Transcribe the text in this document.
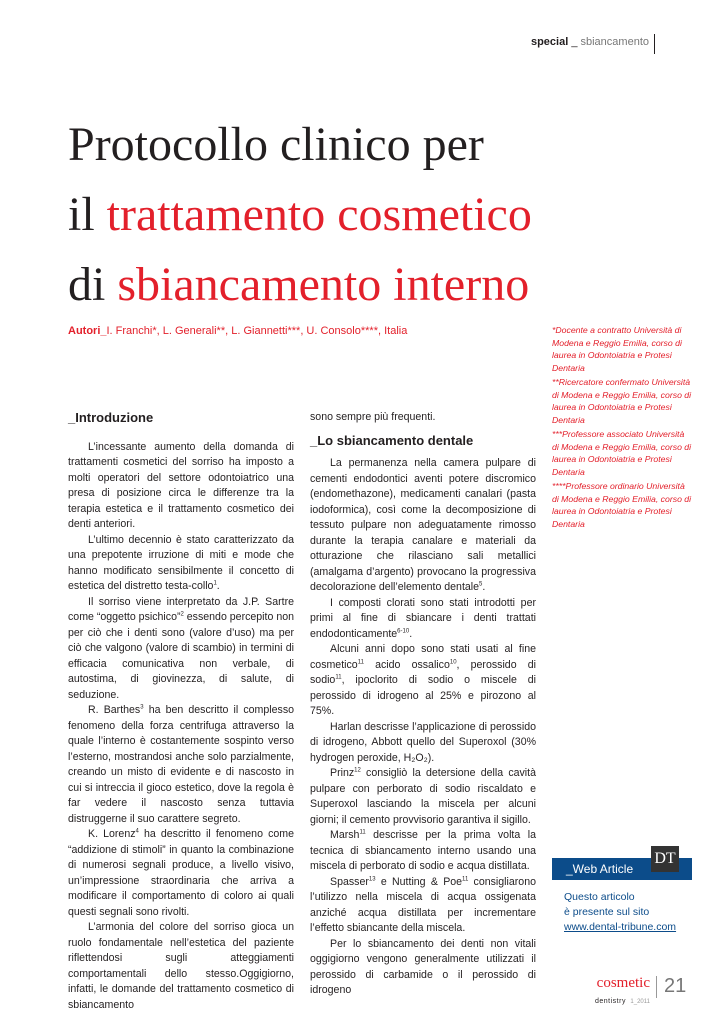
special _ sbiancamento
Protocollo clinico per
il trattamento cosmetico
di sbiancamento interno
Autori_I. Franchi*, L. Generali**, L. Giannetti***, U. Consolo****, Italia	*Docente a contratto Università di Modena e Reggio Emilia, corso di laurea in Odontoiatria e Protesi Dentaria

**Ricercatore confermato Università di Modena e Reggio Emilia, corso di laurea in Odontoiatria e Protesi Dentaria

***Professore associato Università di Modena e Reggio Emilia, corso di laurea in Odontoiatria e Protesi Dentaria

****Professore ordinario Università di Modena e Reggio Emilia, corso di laurea in Odontoiatria e Protesi Dentaria

_Introduzione

L’incessante aumento della domanda di trattamenti cosmetici del sorriso ha imposto a molti operatori del settore odontoiatrico una presa di posizione circa le differenze tra la terapia estetica e il trattamento cosmetico dei denti anteriori.

L’ultimo decennio è stato caratterizzato da una prepotente irruzione di miti e mode che hanno modificato sensibilmente il concetto di estetica del distretto testa-collo$^1$.

Il sorriso viene interpretato da J.P. Sartre come “oggetto psichico”$^2$ essendo percepito non per ciò che i denti sono (valore d’uso) ma per ciò che valgono (valore di scambio) in termini di efficacia comunicativa non verbale, di autostima, di giovinezza, di salute, di seduzione.

R. Barthes$^3$ ha ben descritto il complesso fenomeno della forza centrifuga attraverso la quale l’interno è costantemente sospinto verso l’esterno, mostrandosi anche solo parzialmente, creando un misto di evidente e di nascosto in cui si intreccia il gioco estetico, dove la regola è far vedere il nascosto senza tuttavia distruggerne il suo carattere segreto.

K. Lorenz$^4$ ha descritto il fenomeno come “addizione di stimoli” in quanto la combinazione di numerosi segnali produce, a livello visivo, un’impressione straordinaria che arriva a modificare il comportamento di coloro ai quali questi segnali sono rivolti.

L’armonia del colore del sorriso gioca un ruolo fondamentale nell’estetica del paziente riflettendosi sugli atteggiamenti comportamentali dello stesso.Oggigiorno, infatti, le domande del trattamento cosmetico di sbiancamento

sono sempre più frequenti.

_Lo sbiancamento dentale

La permanenza nella camera pulpare di cementi endodontici aventi potere discromico (endomethazone), medicamenti canalari (pasta iodoformica), così come la decomposizione di tessuto pulpare non adeguatamente rimosso durante la terapia canalare e materiali da otturazione che rilasciano sali metallici (amalgama d’argento) provocano la progressiva decolorazione dell’elemento dentale$^5$.

I composti clorati sono stati introdotti per primi al fine di sbiancare i denti trattati endodonticamente$^{6-10}$.

Alcuni anni dopo sono stati usati al fine cosmetico$^{11}$ acido ossalico$^{10}$, perossido di sodio$^{11}$, ipoclorito di sodio o miscele di perossido di idrogeno al 25% e pirozono al 75%.

Harlan descrisse l’applicazione di perossido di idrogeno, Abbott quello del Superoxol (30% hydrogen peroxide, H₂O₂).

Prinz$^{12}$ consigliò la detersione della cavità pulpare con perborato di sodio riscaldato e Superoxol lasciando la miscela per alcuni giorni; il cemento provvisorio garantiva il sigillo.

Marsh$^{11}$ descrisse per la prima volta la tecnica di sbiancamento interno usando una miscela di perborato di sodio e acqua distillata.

Spasser$^{13}$ e Nutting & Poe$^{11}$ consigliarono l’utilizzo nella miscela di acqua ossigenata anziché acqua distillata per incrementare l’effetto sbiancante della miscela.

Per lo sbiancamento dei denti non vitali oggigiorno vengono generalmente utilizzati il perossido di carbamide o il perossido di idrogeno

_Web Article
Questo articolo
è presente sul sito
www.dental-tribune.com
DT
cosmetic
dentistry 1_2011
21
